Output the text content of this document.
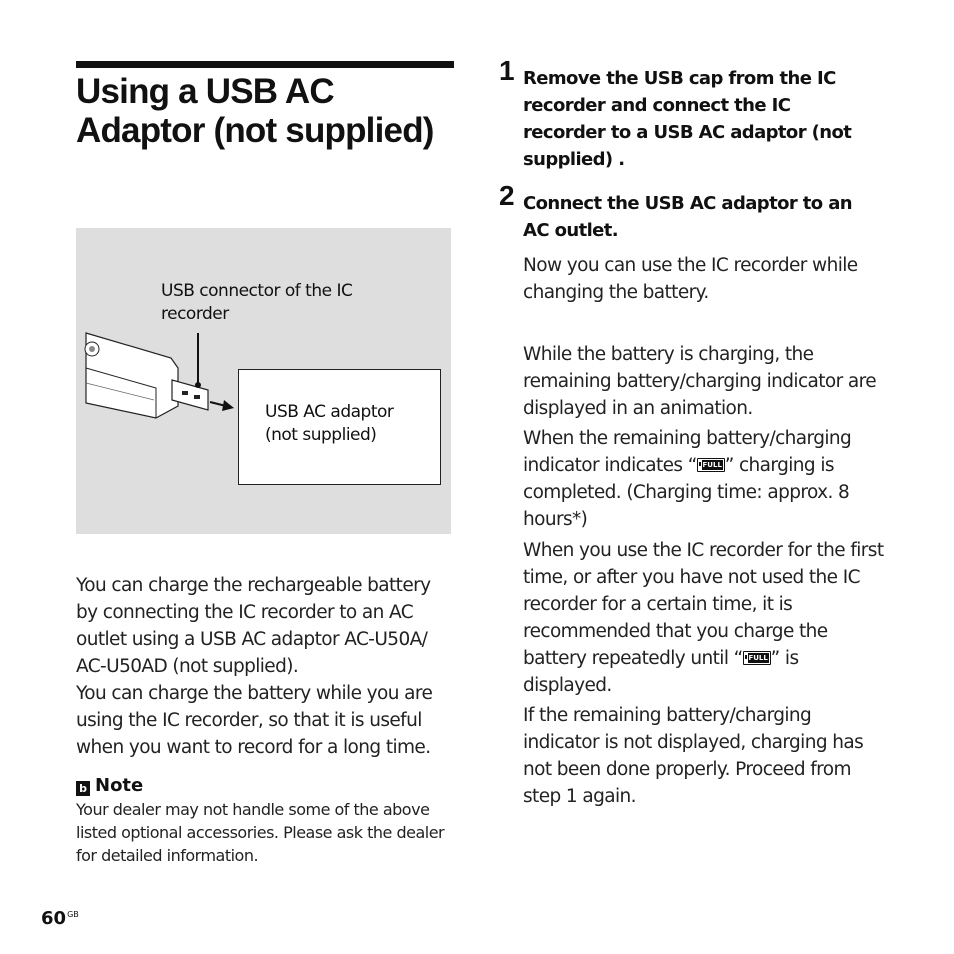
Using a USB AC Adaptor (not supplied)
USB connector of the IC recorder
USB AC adaptor (not supplied)

You can charge the rechargeable battery by connecting the IC recorder to an AC outlet using a USB AC adaptor AC-U50A/ AC-U50AD (not supplied).

You can charge the battery while you are using the IC recorder, so that it is useful when you want to record for a long time.

b Note
Your dealer may not handle some of the above listed optional accessories. Please ask the dealer for detailed information.
$60^{GB}$
1 Remove the USB cap from the IC recorder and connect the IC recorder to a USB AC adaptor (not supplied) .
2 Connect the USB AC adaptor to an AC outlet.

Now you can use the IC recorder while changing the battery.

While the battery is charging, the remaining battery/charging indicator are displayed in an animation.

When the remaining battery/charging indicator indicates “ FULL ” charging is completed. (Charging time: approx. 8 hours*)

When you use the IC recorder for the first time, or after you have not used the IC recorder for a certain time, it is recommended that you charge the battery repeatedly until “ FULL ” is displayed.

If the remaining battery/charging indicator is not displayed, charging has not been done properly. Proceed from step 1 again.
